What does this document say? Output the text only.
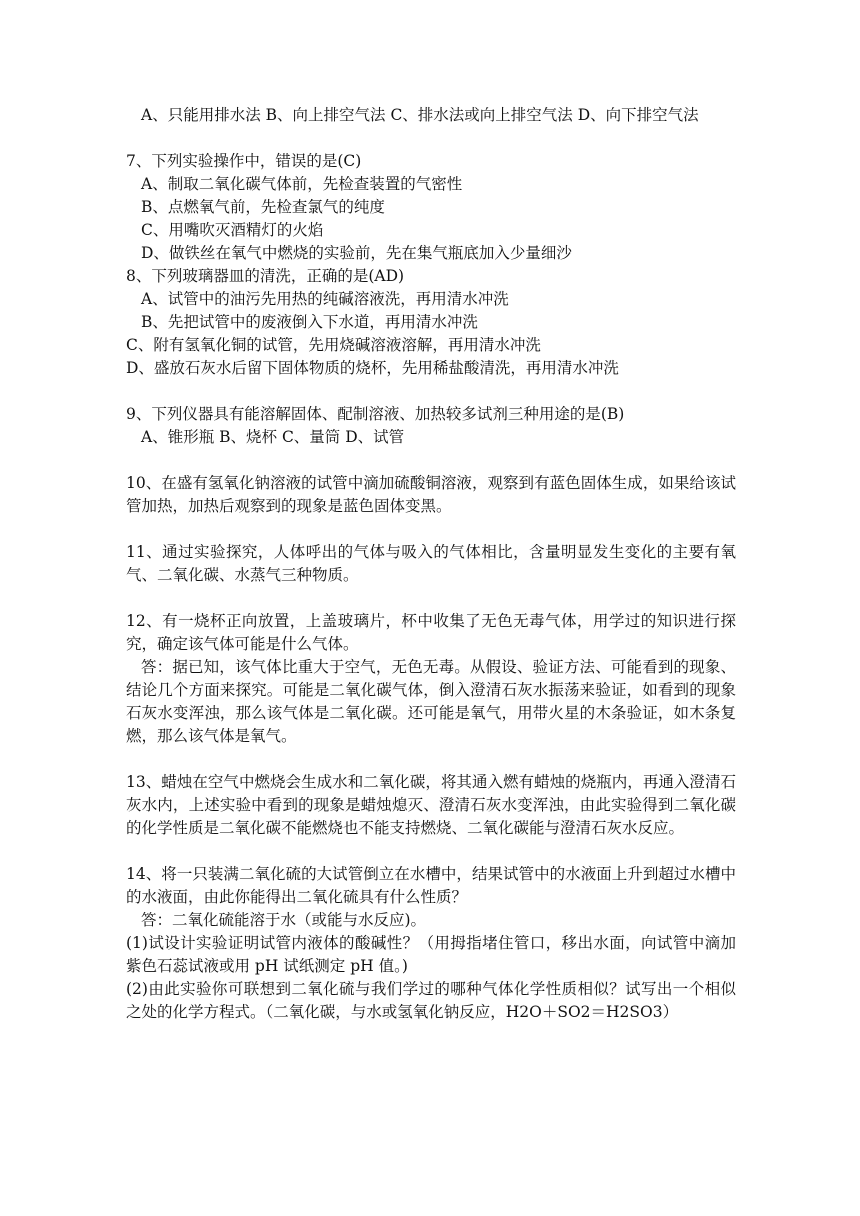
A、只能用排水法 B、向上排空气法 C、排水法或向上排空气法 D、向下排空气法
7、下列实验操作中，错误的是(C)
A、制取二氧化碳气体前，先检查装置的气密性
B、点燃氧气前，先检查氯气的纯度
C、用嘴吹灭酒精灯的火焰
D、做铁丝在氧气中燃烧的实验前，先在集气瓶底加入少量细沙
8、下列玻璃器皿的清洗，正确的是(AD)
A、试管中的油污先用热的纯碱溶液洗，再用清水冲洗
B、先把试管中的废液倒入下水道，再用清水冲洗
C、附有氢氧化铜的试管，先用烧碱溶液溶解，再用清水冲洗
D、盛放石灰水后留下固体物质的烧杯，先用稀盐酸清洗，再用清水冲洗
9、下列仪器具有能溶解固体、配制溶液、加热较多试剂三种用途的是(B)
A、锥形瓶 B、烧杯 C、量筒 D、试管
10、在盛有氢氧化钠溶液的试管中滴加硫酸铜溶液，观察到有蓝色固体生成，如果给该试管加热，加热后观察到的现象是蓝色固体变黑。
11、通过实验探究，人体呼出的气体与吸入的气体相比，含量明显发生变化的主要有氧气、二氧化碳、水蒸气三种物质。
12、有一烧杯正向放置，上盖玻璃片，杯中收集了无色无毒气体，用学过的知识进行探究，确定该气体可能是什么气体。
答：据已知，该气体比重大于空气，无色无毒。从假设、验证方法、可能看到的现象、结论几个方面来探究。可能是二氧化碳气体，倒入澄清石灰水振荡来验证，如看到的现象石灰水变浑浊，那么该气体是二氧化碳。还可能是氧气，用带火星的木条验证，如木条复燃，那么该气体是氧气。
13、蜡烛在空气中燃烧会生成水和二氧化碳，将其通入燃有蜡烛的烧瓶内，再通入澄清石灰水内，上述实验中看到的现象是蜡烛熄灭、澄清石灰水变浑浊，由此实验得到二氧化碳的化学性质是二氧化碳不能燃烧也不能支持燃烧、二氧化碳能与澄清石灰水反应。
14、将一只装满二氧化硫的大试管倒立在水槽中，结果试管中的水液面上升到超过水槽中的水液面，由此你能得出二氧化硫具有什么性质？
答：二氧化硫能溶于水（或能与水反应)。
(1)试设计实验证明试管内液体的酸碱性？（用拇指堵住管口，移出水面，向试管中滴加紫色石蕊试液或用 pH 试纸测定 pH 值。)
(2)由此实验你可联想到二氧化硫与我们学过的哪种气体化学性质相似？试写出一个相似之处的化学方程式。（二氧化碳，与水或氢氧化钠反应，H2O＋SO2＝H2SO3）
